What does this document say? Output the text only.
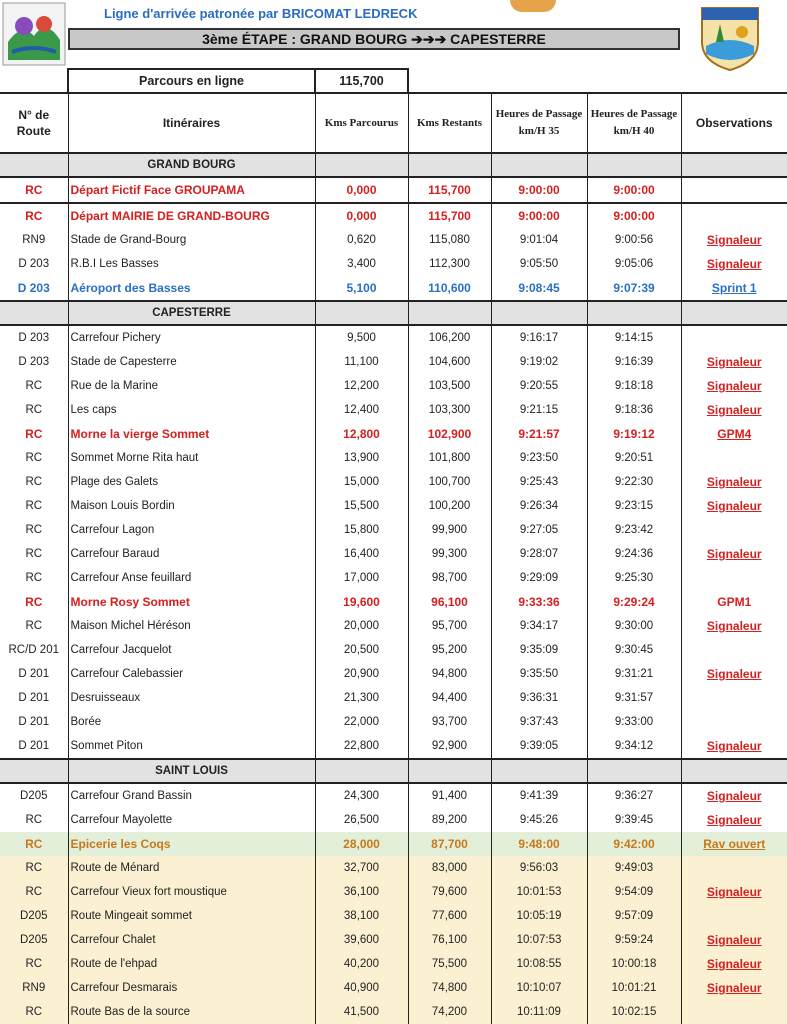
Ligne d'arrivée patronée par BRICOMAT LEDRECK
3ème ÉTAPE : GRAND BOURG ➔➔➔ CAPESTERRE
	Parcours en ligne	115,700				
N° de Route	Itinéraires	Kms Parcourus	Kms Restants	Heures de Passage km/H 35	Heures de Passage km/H 40	Observations
	GRAND BOURG					
RC	Départ Fictif Face GROUPAMA	0,000	115,700	9:00:00	9:00:00	
RC	Départ MAIRIE DE GRAND-BOURG	0,000	115,700	9:00:00	9:00:00	
RN9	Stade de Grand-Bourg	0,620	115,080	9:01:04	9:00:56	Signaleur
D 203	R.B.I Les Basses	3,400	112,300	9:05:50	9:05:06	Signaleur
D 203	Aéroport des Basses	5,100	110,600	9:08:45	9:07:39	Sprint 1
	CAPESTERRE					
D 203	Carrefour Pichery	9,500	106,200	9:16:17	9:14:15	
D 203	Stade de Capesterre	11,100	104,600	9:19:02	9:16:39	Signaleur
RC	Rue de la Marine	12,200	103,500	9:20:55	9:18:18	Signaleur
RC	Les caps	12,400	103,300	9:21:15	9:18:36	Signaleur
RC	Morne la vierge Sommet	12,800	102,900	9:21:57	9:19:12	GPM4
RC	Sommet Morne Rita haut	13,900	101,800	9:23:50	9:20:51	
RC	Plage des Galets	15,000	100,700	9:25:43	9:22:30	Signaleur
RC	Maison Louis Bordin	15,500	100,200	9:26:34	9:23:15	Signaleur
RC	Carrefour Lagon	15,800	99,900	9:27:05	9:23:42	
RC	Carrefour Baraud	16,400	99,300	9:28:07	9:24:36	Signaleur
RC	Carrefour Anse feuillard	17,000	98,700	9:29:09	9:25:30	
RC	Morne Rosy Sommet	19,600	96,100	9:33:36	9:29:24	GPM1
RC	Maison Michel Héréson	20,000	95,700	9:34:17	9:30:00	Signaleur
RC/D 201	Carrefour Jacquelot	20,500	95,200	9:35:09	9:30:45	
D 201	Carrefour Calebassier	20,900	94,800	9:35:50	9:31:21	Signaleur
D 201	Desruisseaux	21,300	94,400	9:36:31	9:31:57	
D 201	Borée	22,000	93,700	9:37:43	9:33:00	
D 201	Sommet Piton	22,800	92,900	9:39:05	9:34:12	Signaleur
	SAINT LOUIS					
D205	Carrefour Grand Bassin	24,300	91,400	9:41:39	9:36:27	Signaleur
RC	Carrefour Mayolette	26,500	89,200	9:45:26	9:39:45	Signaleur
RC	Epicerie les Coqs	28,000	87,700	9:48:00	9:42:00	Rav ouvert
RC	Route de Ménard	32,700	83,000	9:56:03	9:49:03	
RC	Carrefour Vieux fort moustique	36,100	79,600	10:01:53	9:54:09	Signaleur
D205	Route Mingeait sommet	38,100	77,600	10:05:19	9:57:09	
D205	Carrefour Chalet	39,600	76,100	10:07:53	9:59:24	Signaleur
RC	Route de l'ehpad	40,200	75,500	10:08:55	10:00:18	Signaleur
RN9	Carrefour Desmarais	40,900	74,800	10:10:07	10:01:21	Signaleur
RC	Route Bas de la source	41,500	74,200	10:11:09	10:02:15	
